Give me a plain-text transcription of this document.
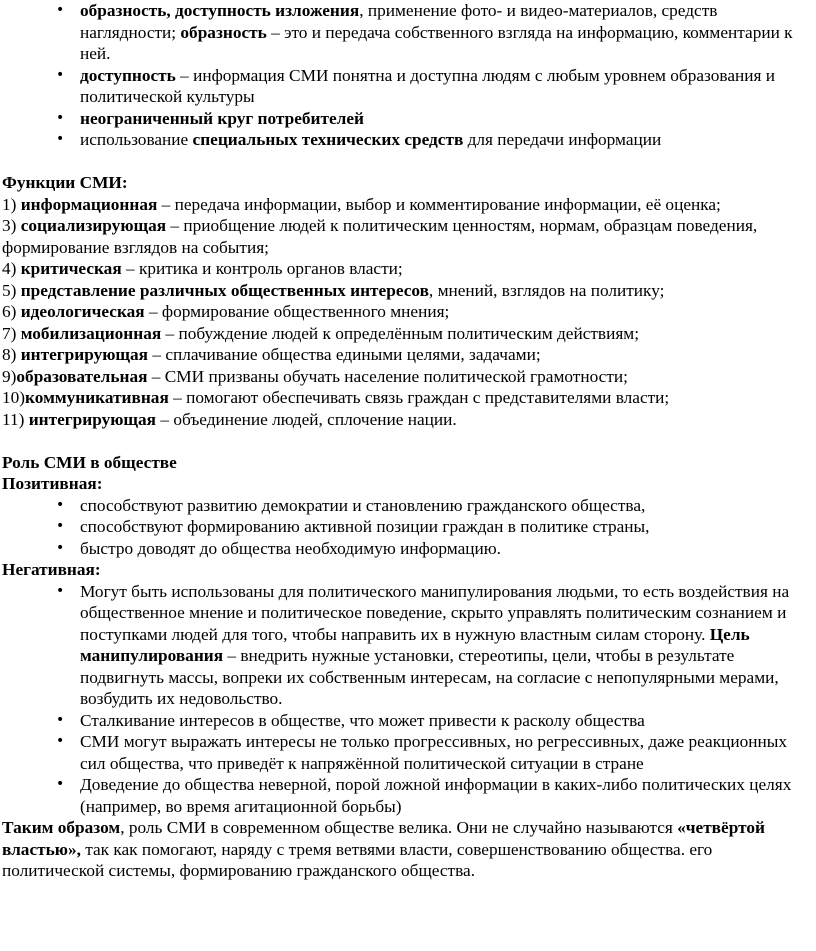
• образность, доступность изложения, применение фото- и видео-материалов, средств наглядности; образность – это и передача собственного взгляда на информацию, комментарии к ней.
• доступность – информация СМИ понятна и доступна людям с любым уровнем образования и политической культуры
• неограниченный круг потребителей
• использование специальных технических средств для передачи информации

Функции СМИ:

1) информационная – передача информации, выбор и комментирование информации, её оценка;

3) социализирующая – приобщение людей к политическим ценностям, нормам, образцам поведения, формирование взглядов на события;

4) критическая – критика и контроль органов власти;

5) представление различных общественных интересов, мнений, взглядов на политику;

6) идеологическая – формирование общественного мнения;

7) мобилизационная – побуждение людей к определённым политическим действиям;

8) интегрирующая – сплачивание общества едиными целями, задачами;

9)образовательная – СМИ призваны обучать население политической грамотности;

10)коммуникативная – помогают обеспечивать связь граждан с представителями власти;

11) интегрирующая – объединение людей, сплочение нации.

Роль СМИ в обществе

Позитивная:

• способствуют развитию демократии и становлению гражданского общества,
• способствуют формированию активной позиции граждан в политике страны,
• быстро доводят до общества необходимую информацию.

Негативная:

• Могут быть использованы для политического манипулирования людьми, то есть воздействия на общественное мнение и политическое поведение, скрыто управлять политическим сознанием и поступками людей для того, чтобы направить их в нужную властным силам сторону. Цель манипулирования – внедрить нужные установки, стереотипы, цели, чтобы в результате подвигнуть массы, вопреки их собственным интересам, на согласие с непопулярными мерами, возбудить их недовольство.
• Сталкивание интересов в обществе, что может привести к расколу общества
• СМИ могут выражать интересы не только прогрессивных, но регрессивных, даже реакционных сил общества, что приведёт к напряжённой политической ситуации в стране
• Доведение до общества неверной, порой ложной информации в каких-либо политических целях (например, во время агитационной борьбы)

Таким образом, роль СМИ в современном обществе велика. Они не случайно называются «четвёртой властью», так как помогают, наряду с тремя ветвями власти, совершенствованию общества. его политической системы, формированию гражданского общества.
